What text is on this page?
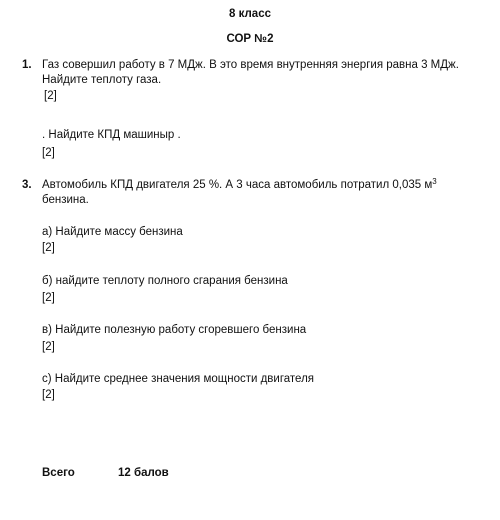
8 класс
СОР №2
1. Газ совершил работу в 7 МДж. В это время внутренняя энергия равна 3 МДж.
Найдите теплоту газа.
[2]
. Найдите КПД машиныр .
[2]
3. Автомобиль КПД двигателя 25 %. А 3 часа автомобиль потратил 0,035 $м^3$
бензина.
а) Найдите массу бензина
[2]
б) найдите теплоту полного сгарания бензина
[2]
в) Найдите полезную работу сгоревшего бензина
[2]
с) Найдите среднее значения мощности двигателя
[2]
Всего	12 балов
